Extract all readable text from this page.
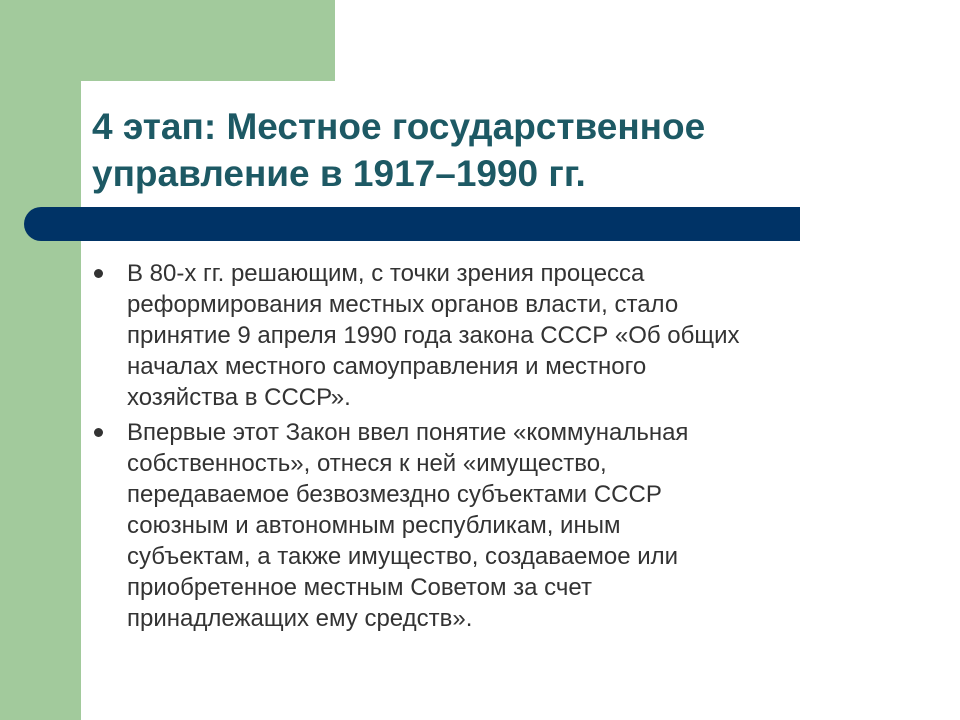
4 этап: Местное государственное
управление в 1917–1990 гг.
В 80-х гг. решающим, с точки зрения процесса
реформирования местных органов власти, стало
принятие 9 апреля 1990 года закона СССР «Об общих
началах местного самоуправления и местного
хозяйства в СССР».
Впервые этот Закон ввел понятие «коммунальная
собственность», отнеся к ней «имущество,
передаваемое безвозмездно субъектами СССР
союзным и автономным республикам, иным
субъектам, а также имущество, создаваемое или
приобретенное местным Советом за счет
принадлежащих ему средств».
